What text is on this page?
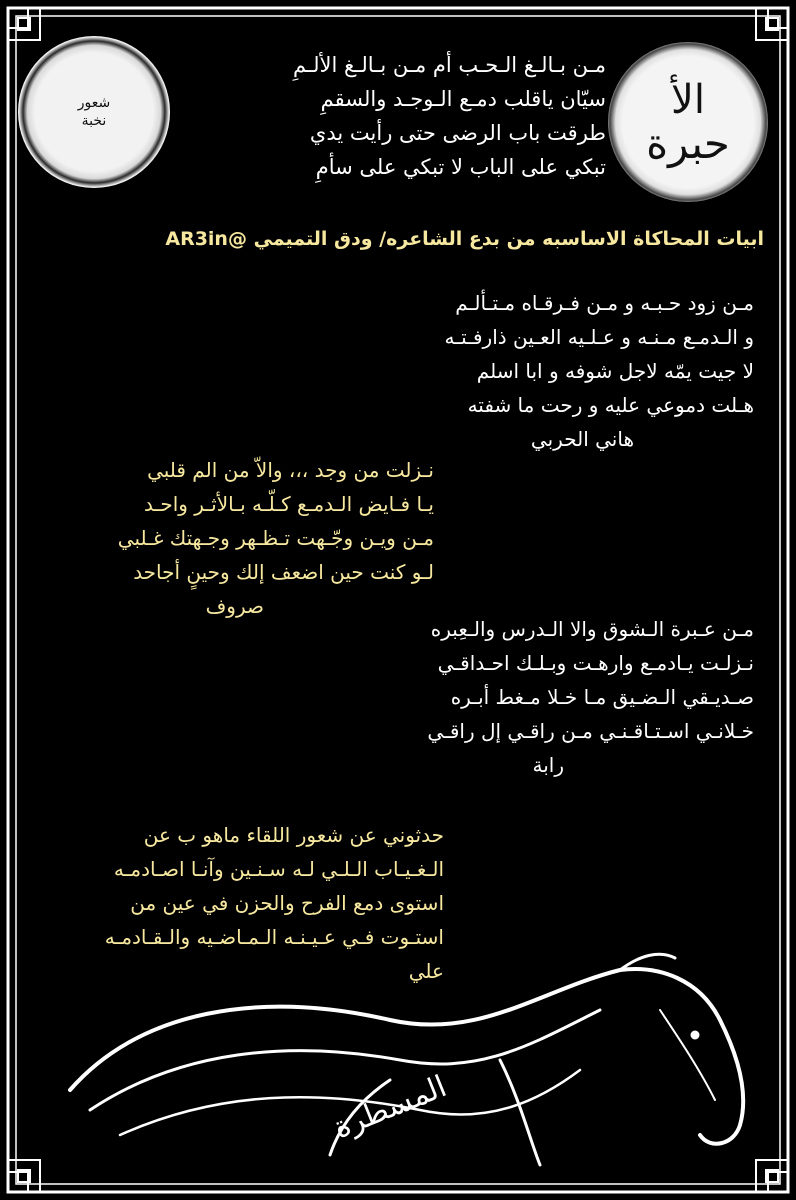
شعور
نخبة	الأ
حبرة
مـن بـالـغ الـحـب أم مـن بـالـغ الألـمِ
سيّان ياقلب دمـع الـوجـد والسقمِ
طرقت باب الرضى حتى رأيت يدي
تبكي على الباب لا تبكي على سأمِ
ابيات المحاكاة الاساسبه من بدع الشاعره/ ودق التميمي @AR3in
مـن زود حـبـه و مـن فـرقـاه مـتـألـم
و الـدمـع مـنـه و عـلـيه العـين ذارفـتـه
لا جيت يمّه لاجل شوفه و ابا اسلم
هـلت دموعي عليه و رحت ما شفته
هاني الحربي
نـزلت من وجد ،،، والاّ من الم قلبي
يـا فـايض الـدمـع كـلّـه بـالأثـر واحـد
مـن ويـن وجّـهت تـظـهر وجـهتك غـلبي
لـو كنت حين اضعف إلك وحينٍ أجاحد
صروف
مـن عـبرة الـشوق والا الـدرس والـعِبره
نـزلـت يـادمـع وارهـت وبـلـك احـداقـي
صـديـقي الـضـيق مـا خـلا مـغط أبـره
خـلانـي اسـتـاقـنـي مـن راقـي إل راقـي
رابة
حدثوني عن شعور اللقاء ماهو ب عن
الـغـيـاب الـلـي لـه سـنـين وآنـا اصـادمـه
استوى دمع الفرح والحزن في عين من
استـوت فـي عـيـنـه الـمـاضـيه والـقـادمـه
علي
المسطرة
